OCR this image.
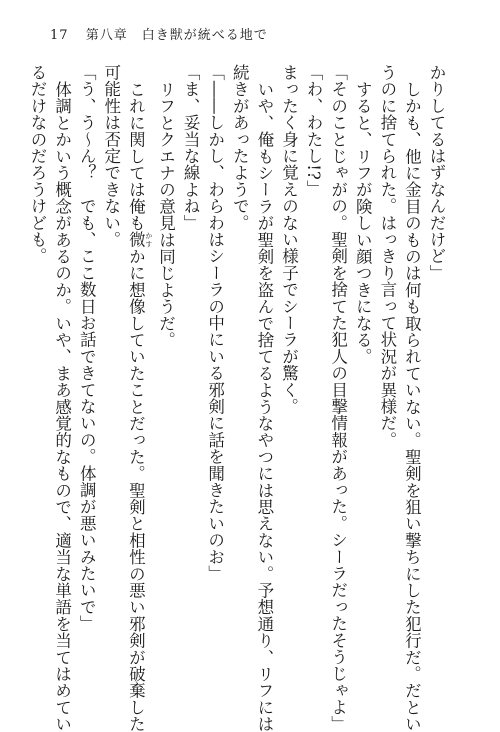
17 第八章　白き獣が統べる地で

かりしてるはずなんだけど」

しかも、他に金目のものは何も取られていない。聖剣を狙い撃ちにした犯行だ。だとい

うのに捨てられた。はっきり言って状況が異様だ。

すると、リフが険しい顔つきになる。

「そのことじゃがの。聖剣を捨てた犯人の目撃情報があった。シーラだったそうじゃよ」

「わ、わたし!?」

まったく身に覚えのない様子でシーラが驚く。

いや、俺もシーラが聖剣を盗んで捨てるようなやつには思えない。予想通り、リフには

続きがあったようで。

「――しかし、わらわはシーラの中にいる邪剣に話を聞きたいのお」

「ま、妥当な線よね」

リフとクエナの意見は同じようだ。

これに関しては俺も微 かすかに想像していたことだった。聖剣と相性の悪い邪剣が破棄した

可能性は否定できない。

「う、う～ん？　でも、ここ数日お話できてないの。体調が悪いみたいで」

体調とかいう概念があるのか。いや、まあ感覚的なもので、適当な単語を当てはめてい

るだけなのだろうけども。
